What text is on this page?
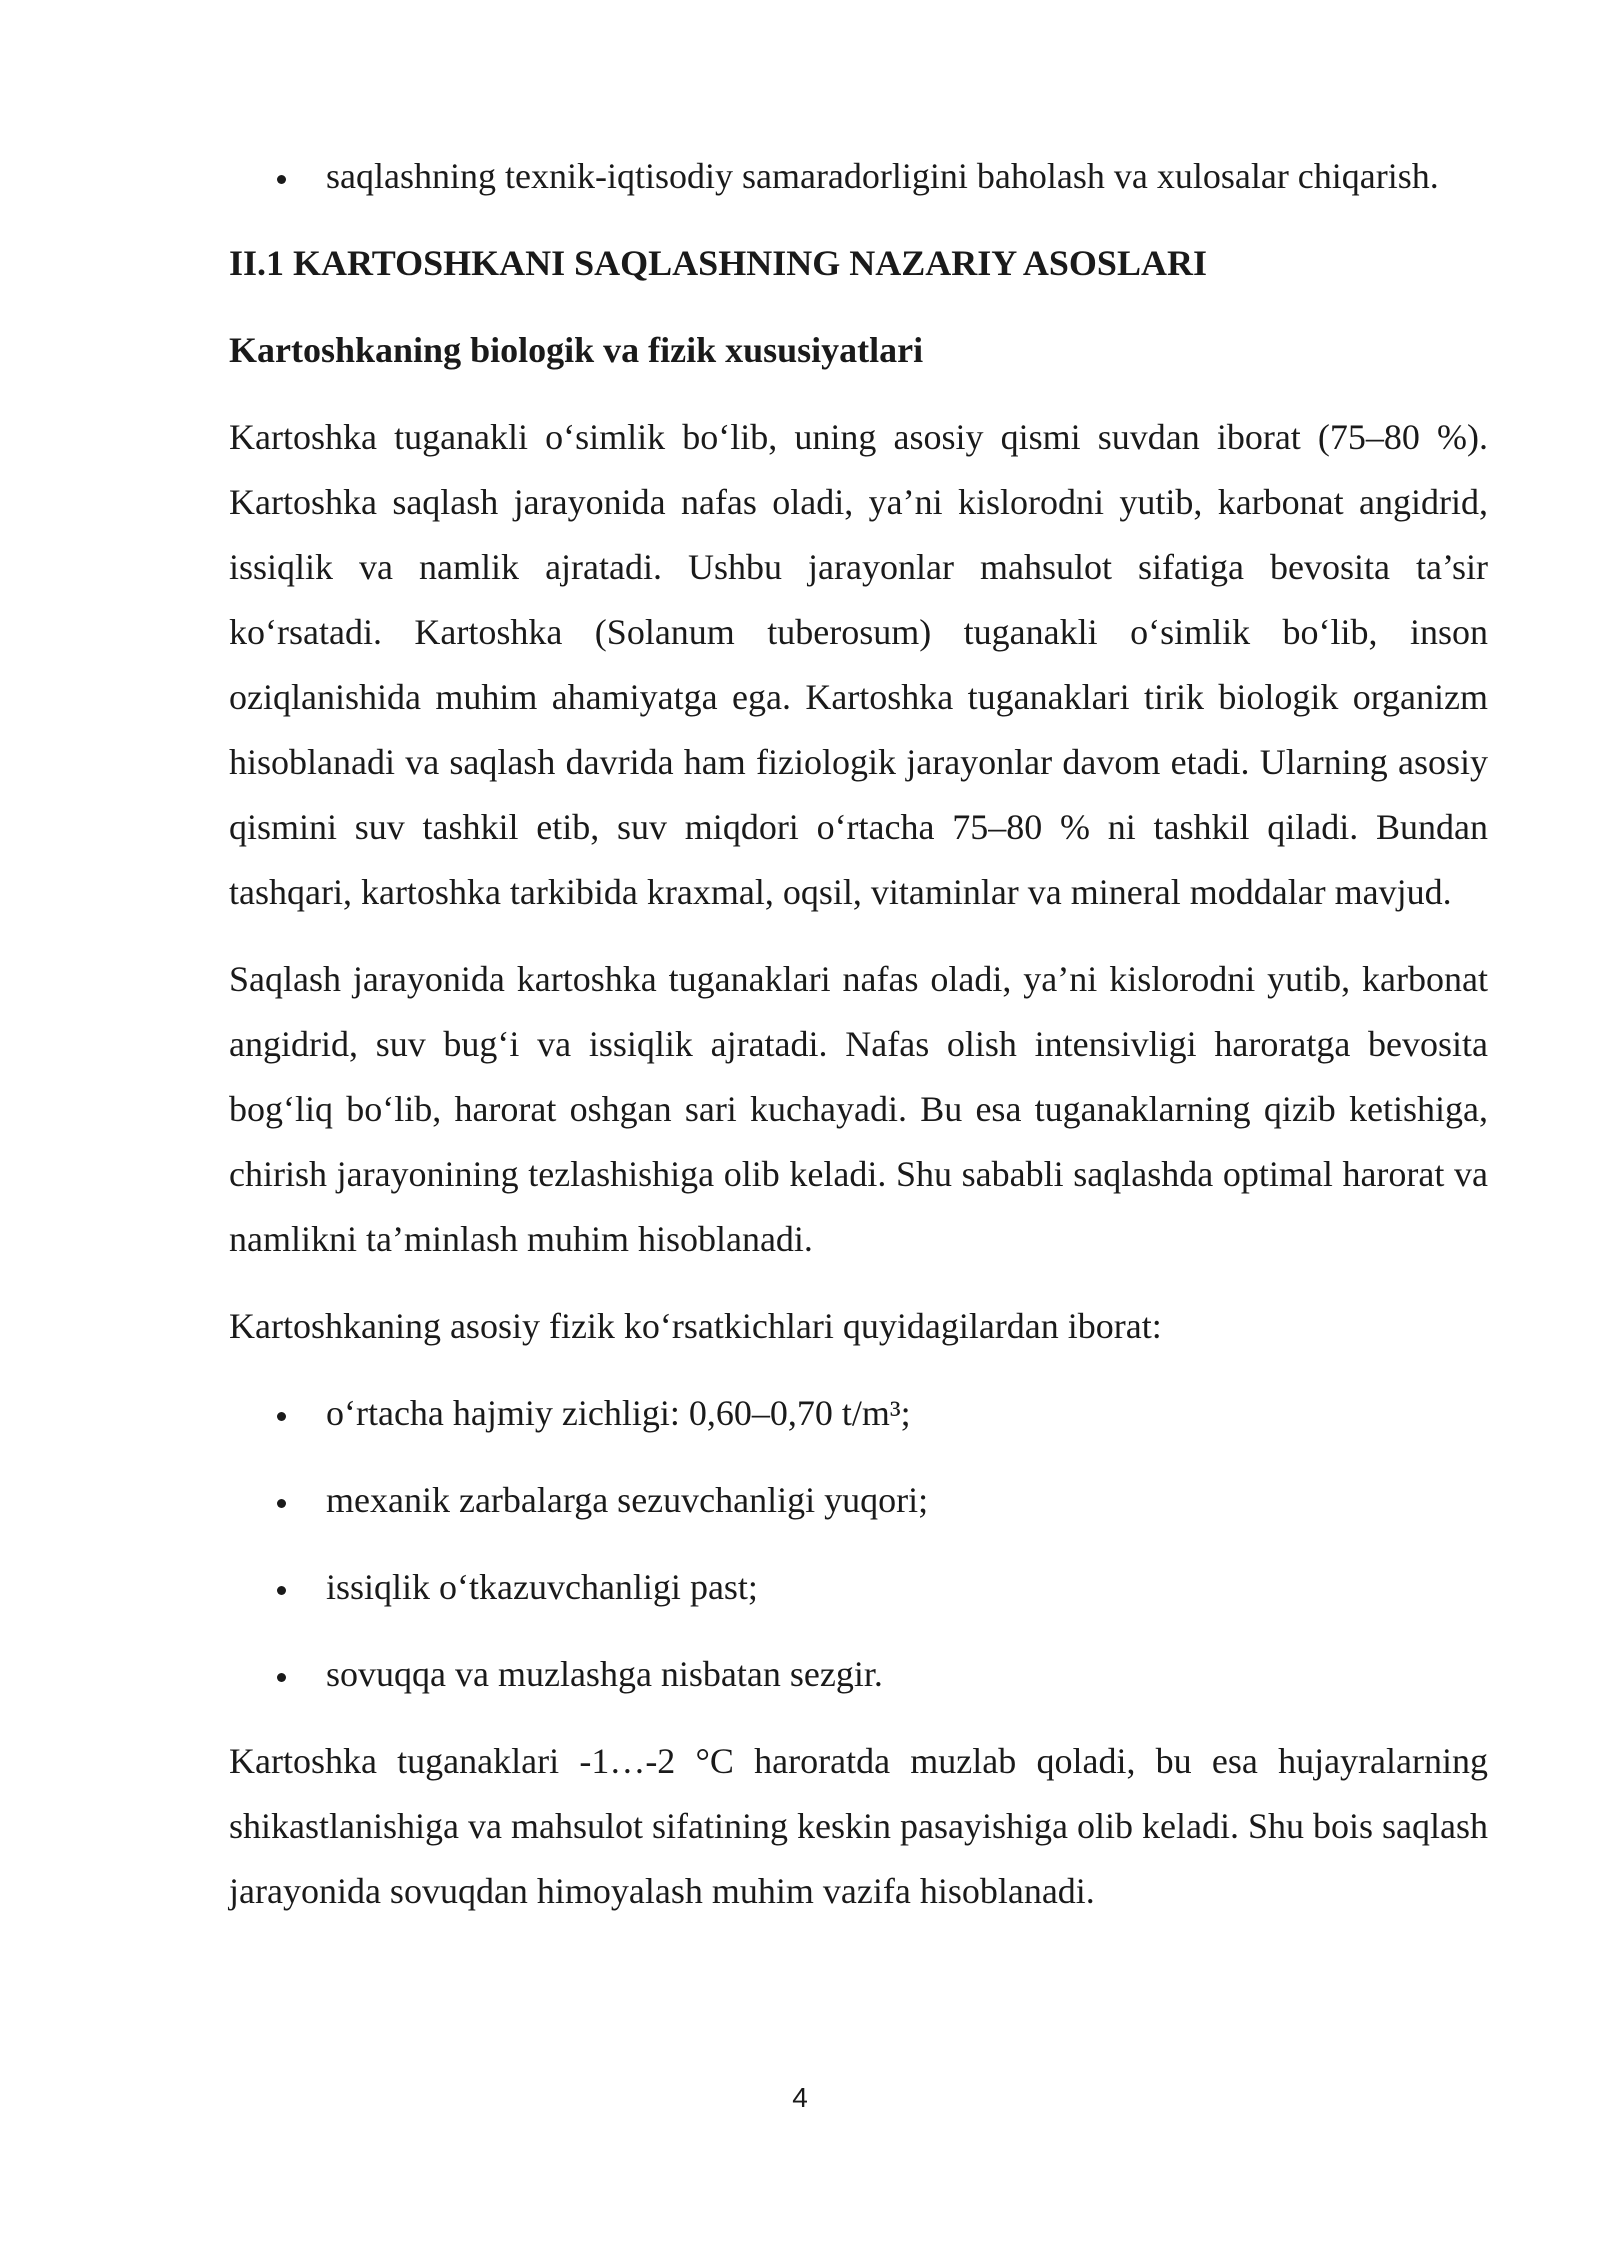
saqlashning texnik-iqtisodiy samaradorligini baholash va xulosalar chiqarish.

II.1 KARTOSHKANI SAQLASHNING NAZARIY ASOSLARI

Kartoshkaning biologik va fizik xususiyatlari

Kartoshka tuganakli o‘simlik bo‘lib, uning asosiy qismi suvdan iborat (75–80 %). Kartoshka saqlash jarayonida nafas oladi, ya’ni kislorodni yutib, karbonat angidrid, issiqlik va namlik ajratadi. Ushbu jarayonlar mahsulot sifatiga bevosita ta’sir ko‘rsatadi. Kartoshka (Solanum tuberosum) tuganakli o‘simlik bo‘lib, inson oziqlanishida muhim ahamiyatga ega. Kartoshka tuganaklari tirik biologik organizm hisoblanadi va saqlash davrida ham fiziologik jarayonlar davom etadi. Ularning asosiy qismini suv tashkil etib, suv miqdori o‘rtacha 75–80 % ni tashkil qiladi. Bundan tashqari, kartoshka tarkibida kraxmal, oqsil, vitaminlar va mineral moddalar mavjud.

Saqlash jarayonida kartoshka tuganaklari nafas oladi, ya’ni kislorodni yutib, karbonat angidrid, suv bug‘i va issiqlik ajratadi. Nafas olish intensivligi haroratga bevosita bog‘liq bo‘lib, harorat oshgan sari kuchayadi. Bu esa tuganaklarning qizib ketishiga, chirish jarayonining tezlashishiga olib keladi. Shu sababli saqlashda optimal harorat va namlikni ta’minlash muhim hisoblanadi.

Kartoshkaning asosiy fizik ko‘rsatkichlari quyidagilardan iborat:

o‘rtacha hajmiy zichligi: 0,60–0,70 t/m³;
mexanik zarbalarga sezuvchanligi yuqori;
issiqlik o‘tkazuvchanligi past;
sovuqqa va muzlashga nisbatan sezgir.

Kartoshka tuganaklari -1…-2 °C haroratda muzlab qoladi, bu esa hujayralarning shikastlanishiga va mahsulot sifatining keskin pasayishiga olib keladi. Shu bois saqlash jarayonida sovuqdan himoyalash muhim vazifa hisoblanadi.

4
